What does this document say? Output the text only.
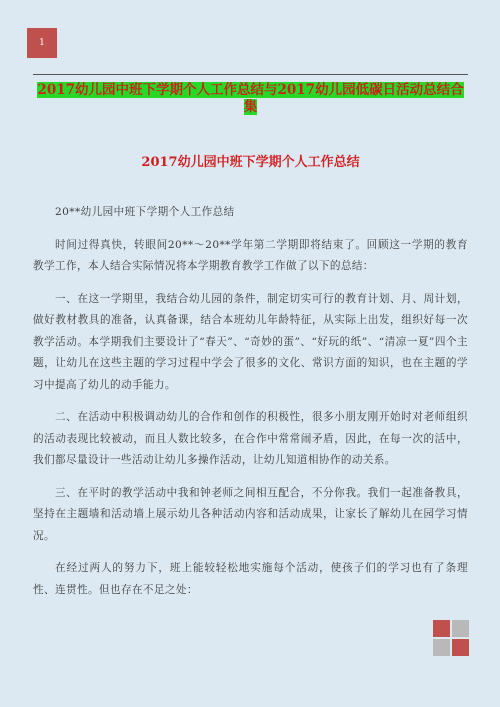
1
2017幼儿园中班下学期个人工作总结与2017幼儿园低碳日活动总结合集
2017幼儿园中班下学期个人工作总结

20**幼儿园中班下学期个人工作总结

时间过得真快，转眼间20**～20**学年第二学期即将结束了。回顾这一学期的教育教学工作，本人结合实际情况将本学期教育教学工作做了以下的总结：

一、在这一学期里，我结合幼儿园的条件，制定切实可行的教育计划、月、周计划，做好教材教具的准备，认真备课，结合本班幼儿年龄特征，从实际上出发，组织好每一次教学活动。本学期我们主要设计了“春天”、“奇妙的蛋”、“好玩的纸”、“清凉一夏”四个主题，让幼儿在这些主题的学习过程中学会了很多的文化、常识方面的知识，也在主题的学习中提高了幼儿的动手能力。

二、在活动中积极调动幼儿的合作和创作的积极性，很多小朋友刚开始时对老师组织的活动表现比较被动，而且人数比较多，在合作中常常闹矛盾，因此，在每一次的活中，我们都尽量设计一些活动让幼儿多操作活动，让幼儿知道相协作的动关系。

三、在平时的教学活动中我和钟老师之间相互配合，不分你我。我们一起准备教具，坚持在主题墙和活动墙上展示幼儿各种活动内容和活动成果，让家长了解幼儿在园学习情况。

在经过两人的努力下，班上能较轻松地实施每个活动，使孩子们的学习也有了条理性、连贯性。但也存在不足之处：
